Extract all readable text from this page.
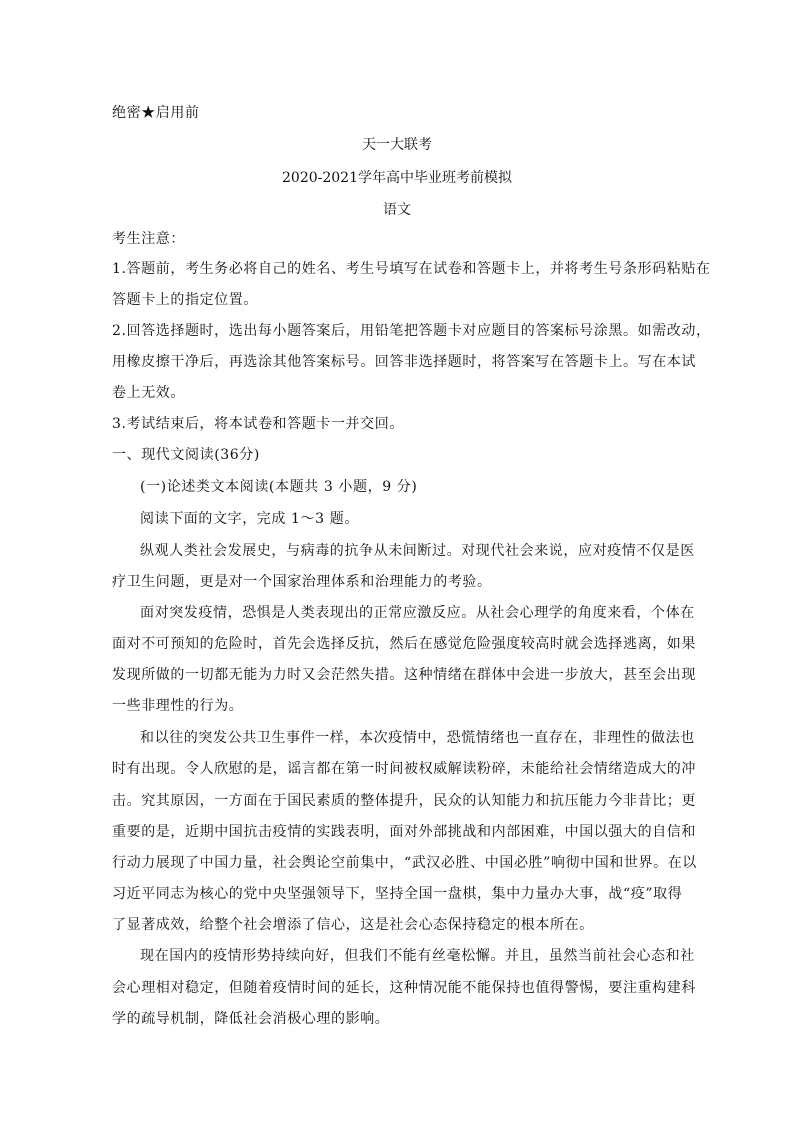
绝密★启用前
天一大联考
2020-2021学年高中毕业班考前模拟
语文
考生注意：
1.答题前，考生务必将自己的姓名、考生号填写在试卷和答题卡上，并将考生号条形码粘贴在
答题卡上的指定位置。
2.回答选择题时，选出每小题答案后，用铅笔把答题卡对应题目的答案标号涂黑。如需改动，
用橡皮擦干净后，再选涂其他答案标号。回答非选择题时，将答案写在答题卡上。写在本试
卷上无效。
3.考试结束后，将本试卷和答题卡一并交回。
一、现代文阅读(36分)
(一)论述类文本阅读(本题共 3 小题，9 分)
阅读下面的文字，完成 1～3 题。
纵观人类社会发展史，与病毒的抗争从未间断过。对现代社会来说，应对疫情不仅是医
疗卫生问题，更是对一个国家治理体系和治理能力的考验。
面对突发疫情，恐惧是人类表现出的正常应激反应。从社会心理学的角度来看，个体在
面对不可预知的危险时，首先会选择反抗，然后在感觉危险强度较高时就会选择逃离，如果
发现所做的一切都无能为力时又会茫然失措。这种情绪在群体中会进一步放大，甚至会出现
一些非理性的行为。
和以往的突发公共卫生事件一样，本次疫情中，恐慌情绪也一直存在，非理性的做法也
时有出现。令人欣慰的是，谣言都在第一时间被权威解读粉碎，未能给社会情绪造成大的冲
击。究其原因，一方面在于国民素质的整体提升，民众的认知能力和抗压能力今非昔比；更
重要的是，近期中国抗击疫情的实践表明，面对外部挑战和内部困难，中国以强大的自信和
行动力展现了中国力量，社会舆论空前集中，“武汉必胜、中国必胜”响彻中国和世界。在以
习近平同志为核心的党中央坚强领导下，坚持全国一盘棋，集中力量办大事，战“疫”取得
了显著成效，给整个社会增添了信心，这是社会心态保持稳定的根本所在。
现在国内的疫情形势持续向好，但我们不能有丝毫松懈。并且，虽然当前社会心态和社
会心理相对稳定，但随着疫情时间的延长，这种情况能不能保持也值得警惕，要注重构建科
学的疏导机制，降低社会消极心理的影响。
